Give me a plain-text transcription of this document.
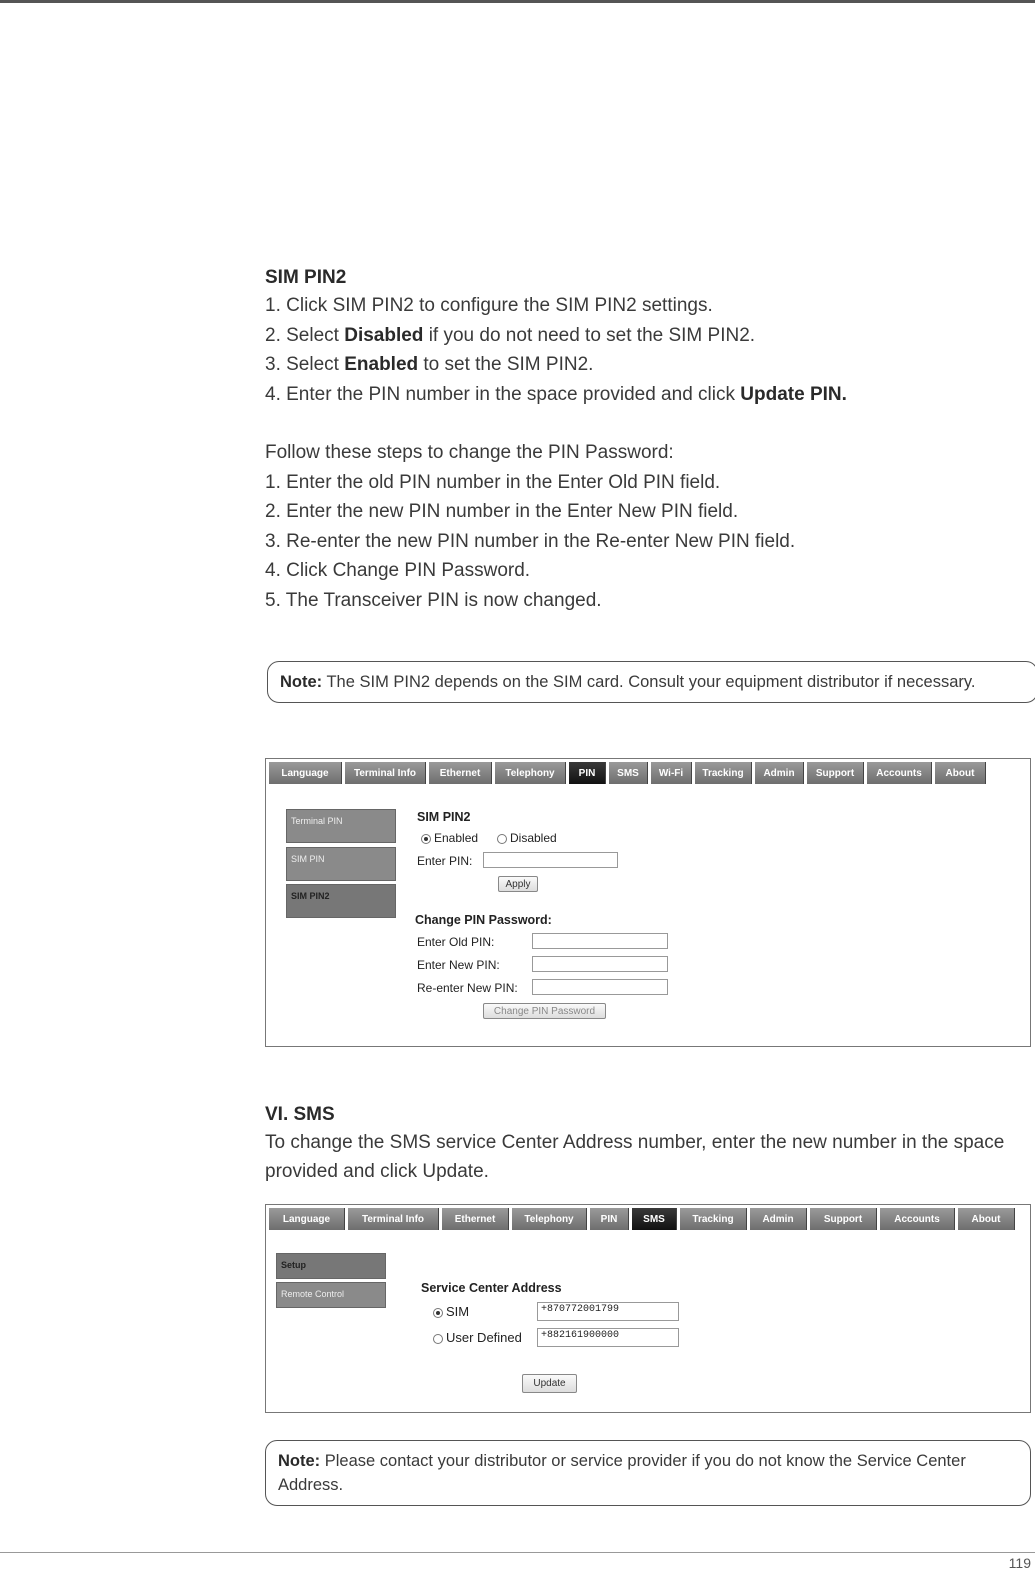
SIM PIN2
1. Click SIM PIN2 to configure the SIM PIN2 settings.
2. Select Disabled if you do not need to set the SIM PIN2.
3. Select Enabled to set the SIM PIN2.
4. Enter the PIN number in the space provided and click Update PIN.
Follow these steps to change the PIN Password:
1. Enter the old PIN number in the Enter Old PIN field.
2. Enter the new PIN number in the Enter New PIN field.
3. Re-enter the new PIN number in the Re-enter New PIN field.
4. Click Change PIN Password.
5. The Transceiver PIN is now changed.
Note: The SIM PIN2 depends on the SIM card. Consult your equipment distributor if necessary.
Language	Terminal Info	Ethernet	Telephony	PIN	SMS	Wi-Fi	Tracking	Admin	Support	Accounts	About
Terminal PIN
SIM PIN
SIM PIN2
SIM PIN2
Enabled	Disabled
Enter PIN:
Apply
Change PIN Password:
Enter Old PIN:
Enter New PIN:
Re-enter New PIN:
Change PIN Password
VI. SMS
To change the SMS service Center Address number, enter the new number in the space provided and click Update.
Language	Terminal Info	Ethernet	Telephony	PIN	SMS	Tracking	Admin	Support	Accounts	About
Setup
Remote Control	Service Center Address
SIM	+870772001799
User Defined	+882161900000
Update
Note: Please contact your distributor or service provider if you do not know the Service Center Address.
119
